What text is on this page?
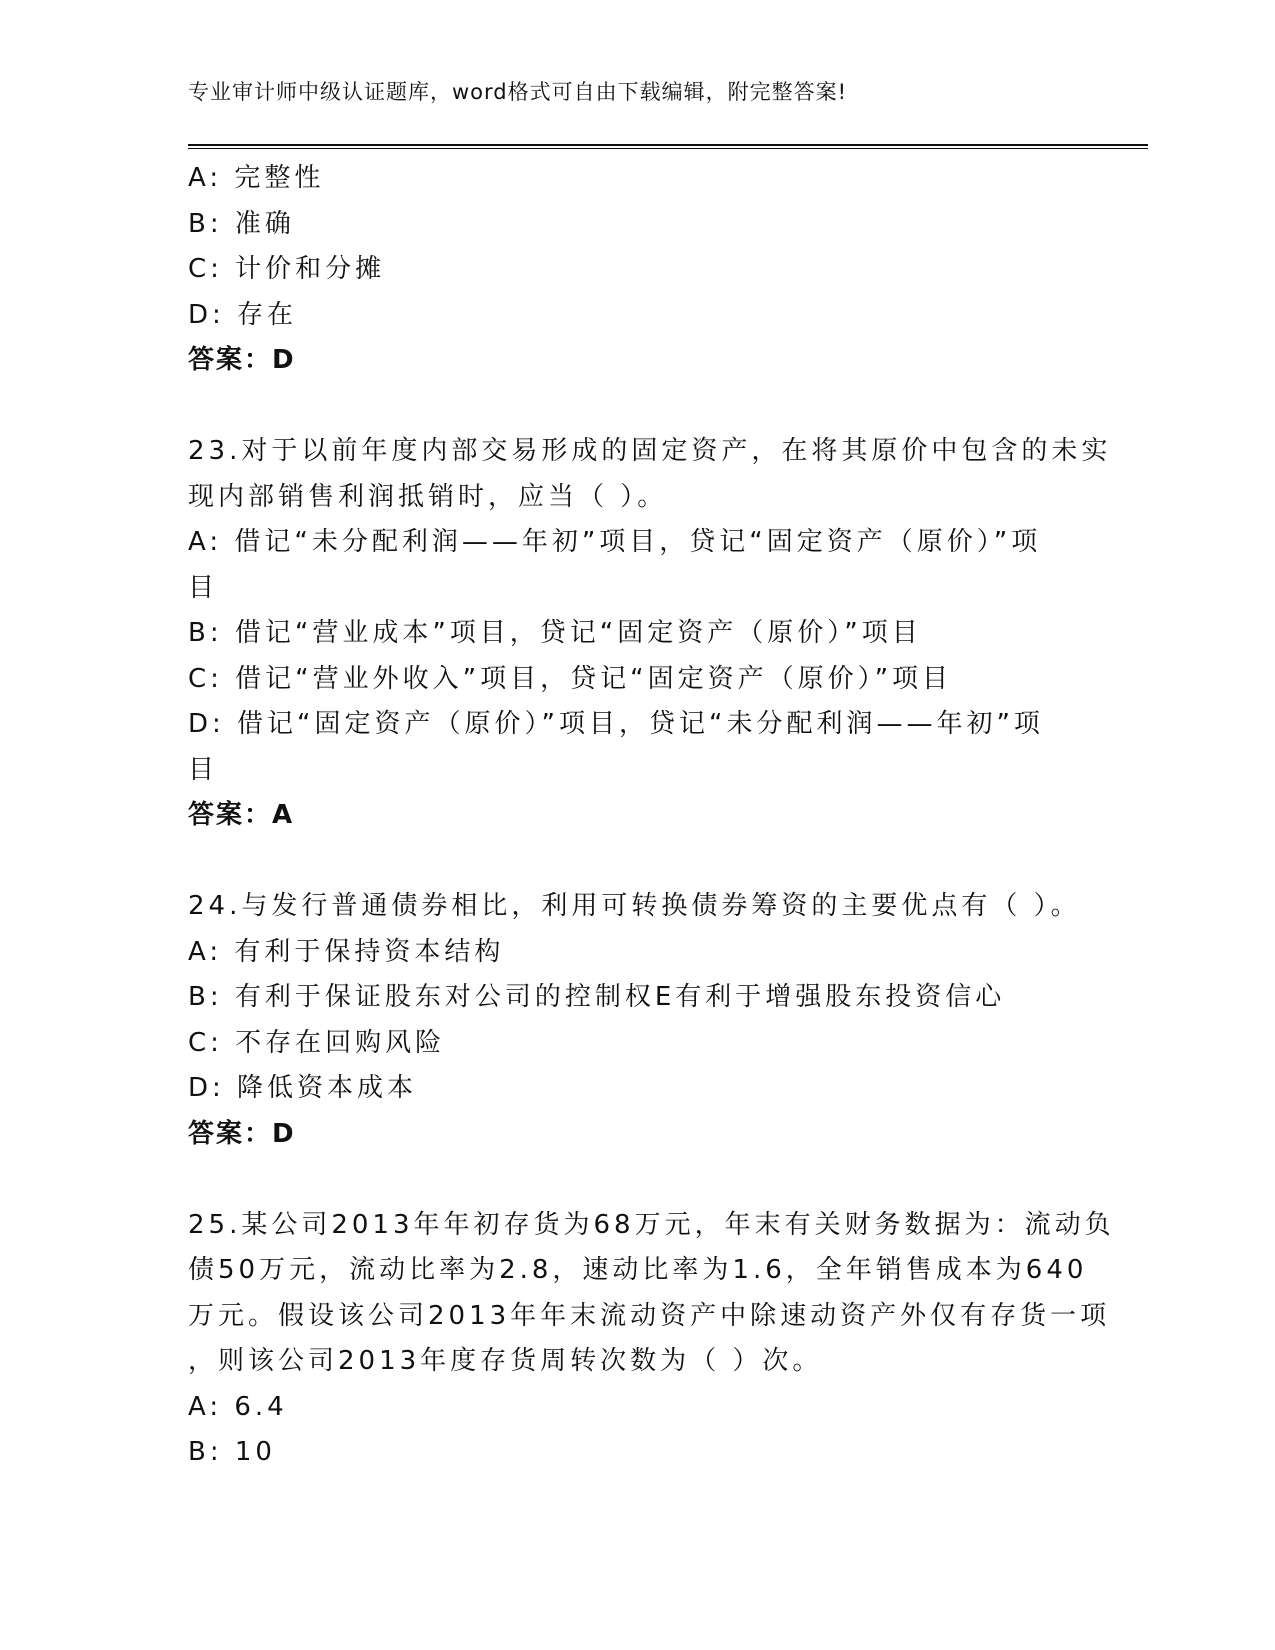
专业审计师中级认证题库，word格式可自由下载编辑，附完整答案!
A: 完整性
B: 准确
C: 计价和分摊
D: 存在
答案：D
23.对于以前年度内部交易形成的固定资产，在将其原价中包含的未实
现内部销售利润抵销时，应当（ ）。
A: 借记“未分配利润——年初”项目，贷记“固定资产（原价）”项
目
B: 借记“营业成本”项目，贷记“固定资产（原价）”项目
C: 借记“营业外收入”项目，贷记“固定资产（原价）”项目
D: 借记“固定资产（原价）”项目，贷记“未分配利润——年初”项
目
答案：A
24.与发行普通债券相比，利用可转换债券筹资的主要优点有（ ）。
A: 有利于保持资本结构
B: 有利于保证股东对公司的控制权E有利于增强股东投资信心
C: 不存在回购风险
D: 降低资本成本
答案：D
25.某公司2013年年初存货为68万元，年末有关财务数据为：流动负
债50万元，流动比率为2.8，速动比率为1.6，全年销售成本为640
万元。假设该公司2013年年末流动资产中除速动资产外仅有存货一项
，则该公司2013年度存货周转次数为（ ）次。
A: 6.4
B: 10
